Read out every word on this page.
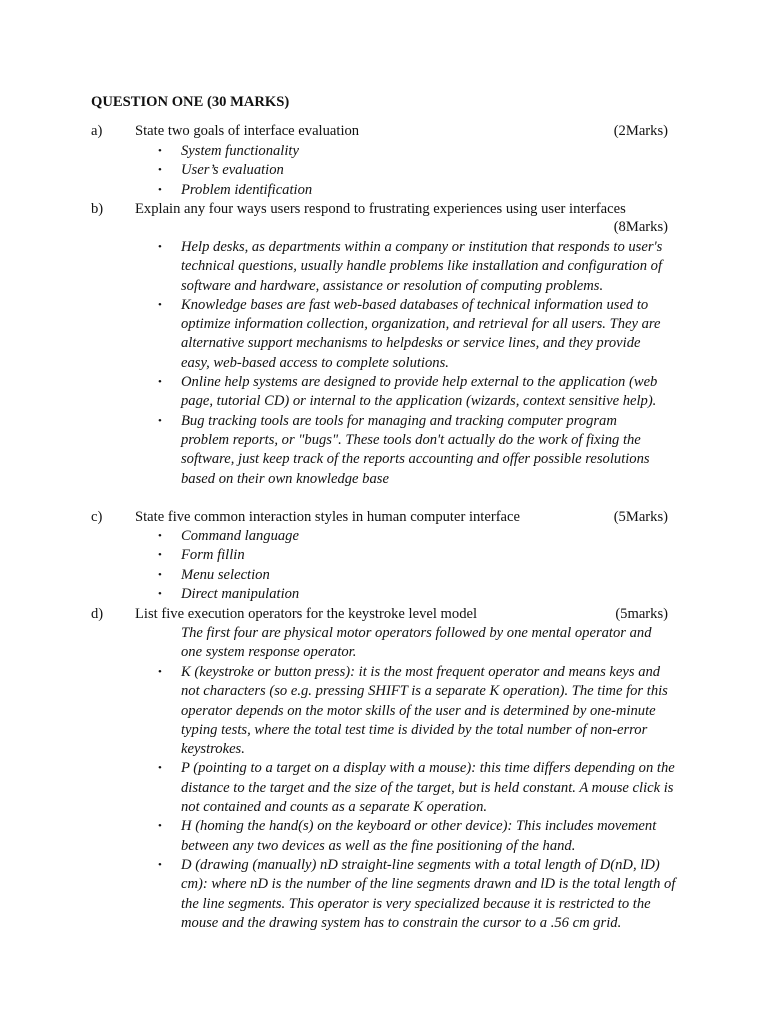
QUESTION ONE (30 MARKS)
a) State two goals of interface evaluation	(2Marks)
• System functionality
• User’s evaluation
• Problem identification
b) Explain any four ways users respond to frustrating experiences using user interfaces
(8Marks)
• Help desks, as departments within a company or institution that responds to user's technical questions, usually handle problems like installation and configuration of software and hardware, assistance or resolution of computing problems.
• Knowledge bases are fast web-based databases of technical information used to optimize information collection, organization, and retrieval for all users. They are alternative support mechanisms to helpdesks or service lines, and they provide easy, web-based access to complete solutions.
• Online help systems are designed to provide help external to the application (web page, tutorial CD) or internal to the application (wizards, context sensitive help).
• Bug tracking tools are tools for managing and tracking computer program problem reports, or "bugs". These tools don't actually do the work of fixing the software, just keep track of the reports accounting and offer possible resolutions based on their own knowledge base
c) State five common interaction styles in human computer interface	(5Marks)
• Command language
• Form fillin
• Menu selection
• Direct manipulation
d) List five execution operators for the keystroke level model	(5marks)
The first four are physical motor operators followed by one mental operator and one system response operator.
• K (keystroke or button press): it is the most frequent operator and means keys and not characters (so e.g. pressing SHIFT is a separate K operation). The time for this operator depends on the motor skills of the user and is determined by one-minute typing tests, where the total test time is divided by the total number of non-error keystrokes.
• P (pointing to a target on a display with a mouse): this time differs depending on the distance to the target and the size of the target, but is held constant. A mouse click is not contained and counts as a separate K operation.
• H (homing the hand(s) on the keyboard or other device): This includes movement between any two devices as well as the fine positioning of the hand.
• D (drawing (manually) nD straight-line segments with a total length of D(nD, lD) cm): where nD is the number of the line segments drawn and lD is the total length of the line segments. This operator is very specialized because it is restricted to the mouse and the drawing system has to constrain the cursor to a .56 cm grid.
